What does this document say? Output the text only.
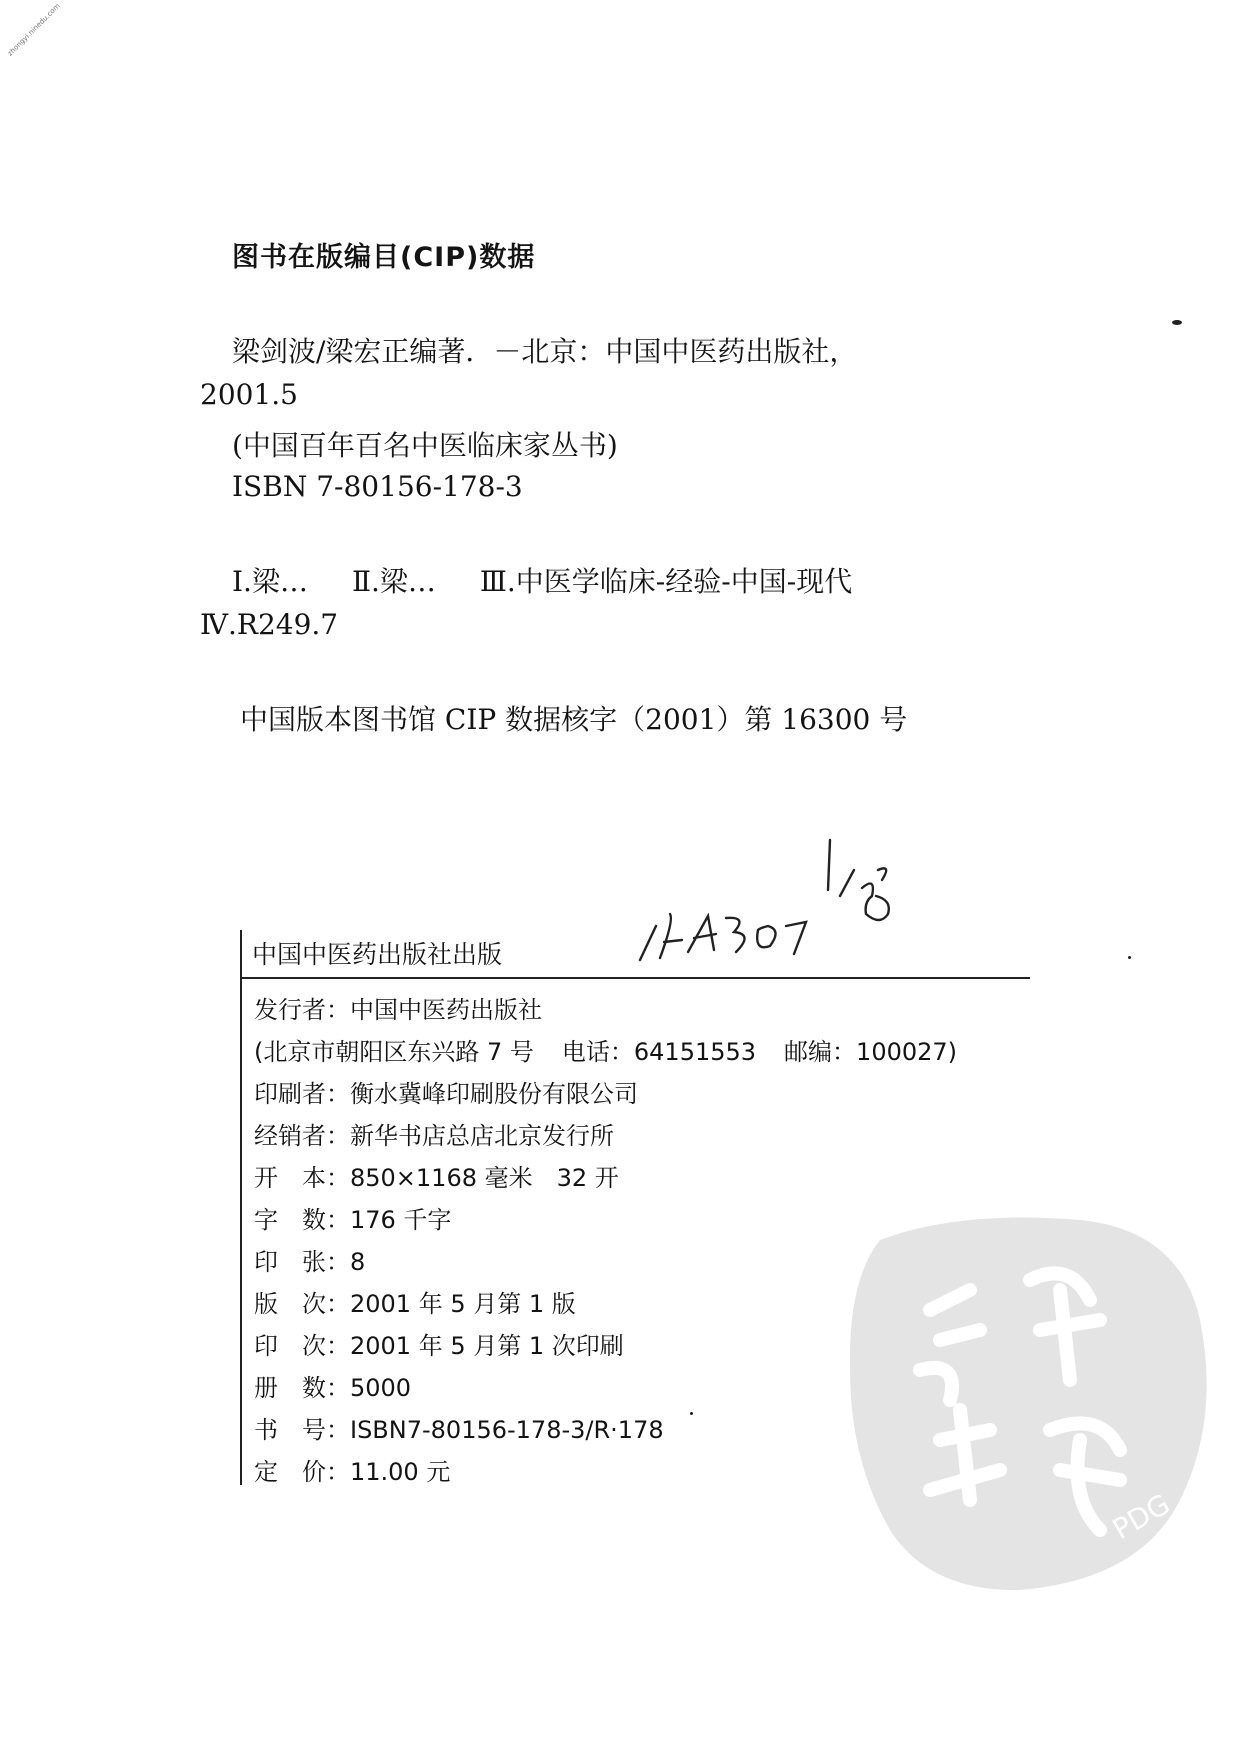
zhongyi.ninedu.com
图书在版编目(CIP)数据
梁剑波/梁宏正编著．－北京：中国中医药出版社，
2001.5
(中国百年百名中医临床家丛书)
ISBN 7-80156-178-3
Ⅰ.梁… Ⅱ.梁… Ⅲ.中医学临床-经验-中国-现代
Ⅳ.R249.7
中国版本图书馆 CIP 数据核字（2001）第 16300 号
中国中医药出版社出版
发行者：中国中医药出版社
(北京市朝阳区东兴路 7 号 电话：64151553 邮编：100027)
印刷者：衡水冀峰印刷股份有限公司
经销者：新华书店总店北京发行所
开　本：850×1168 毫米　32 开
字　数：176 千字
印　张：8
版　次：2001 年 5 月第 1 版
印　次：2001 年 5 月第 1 次印刷
册　数：5000
书　号：ISBN7-80156-178-3/R·178
定　价：11.00 元
PDG
